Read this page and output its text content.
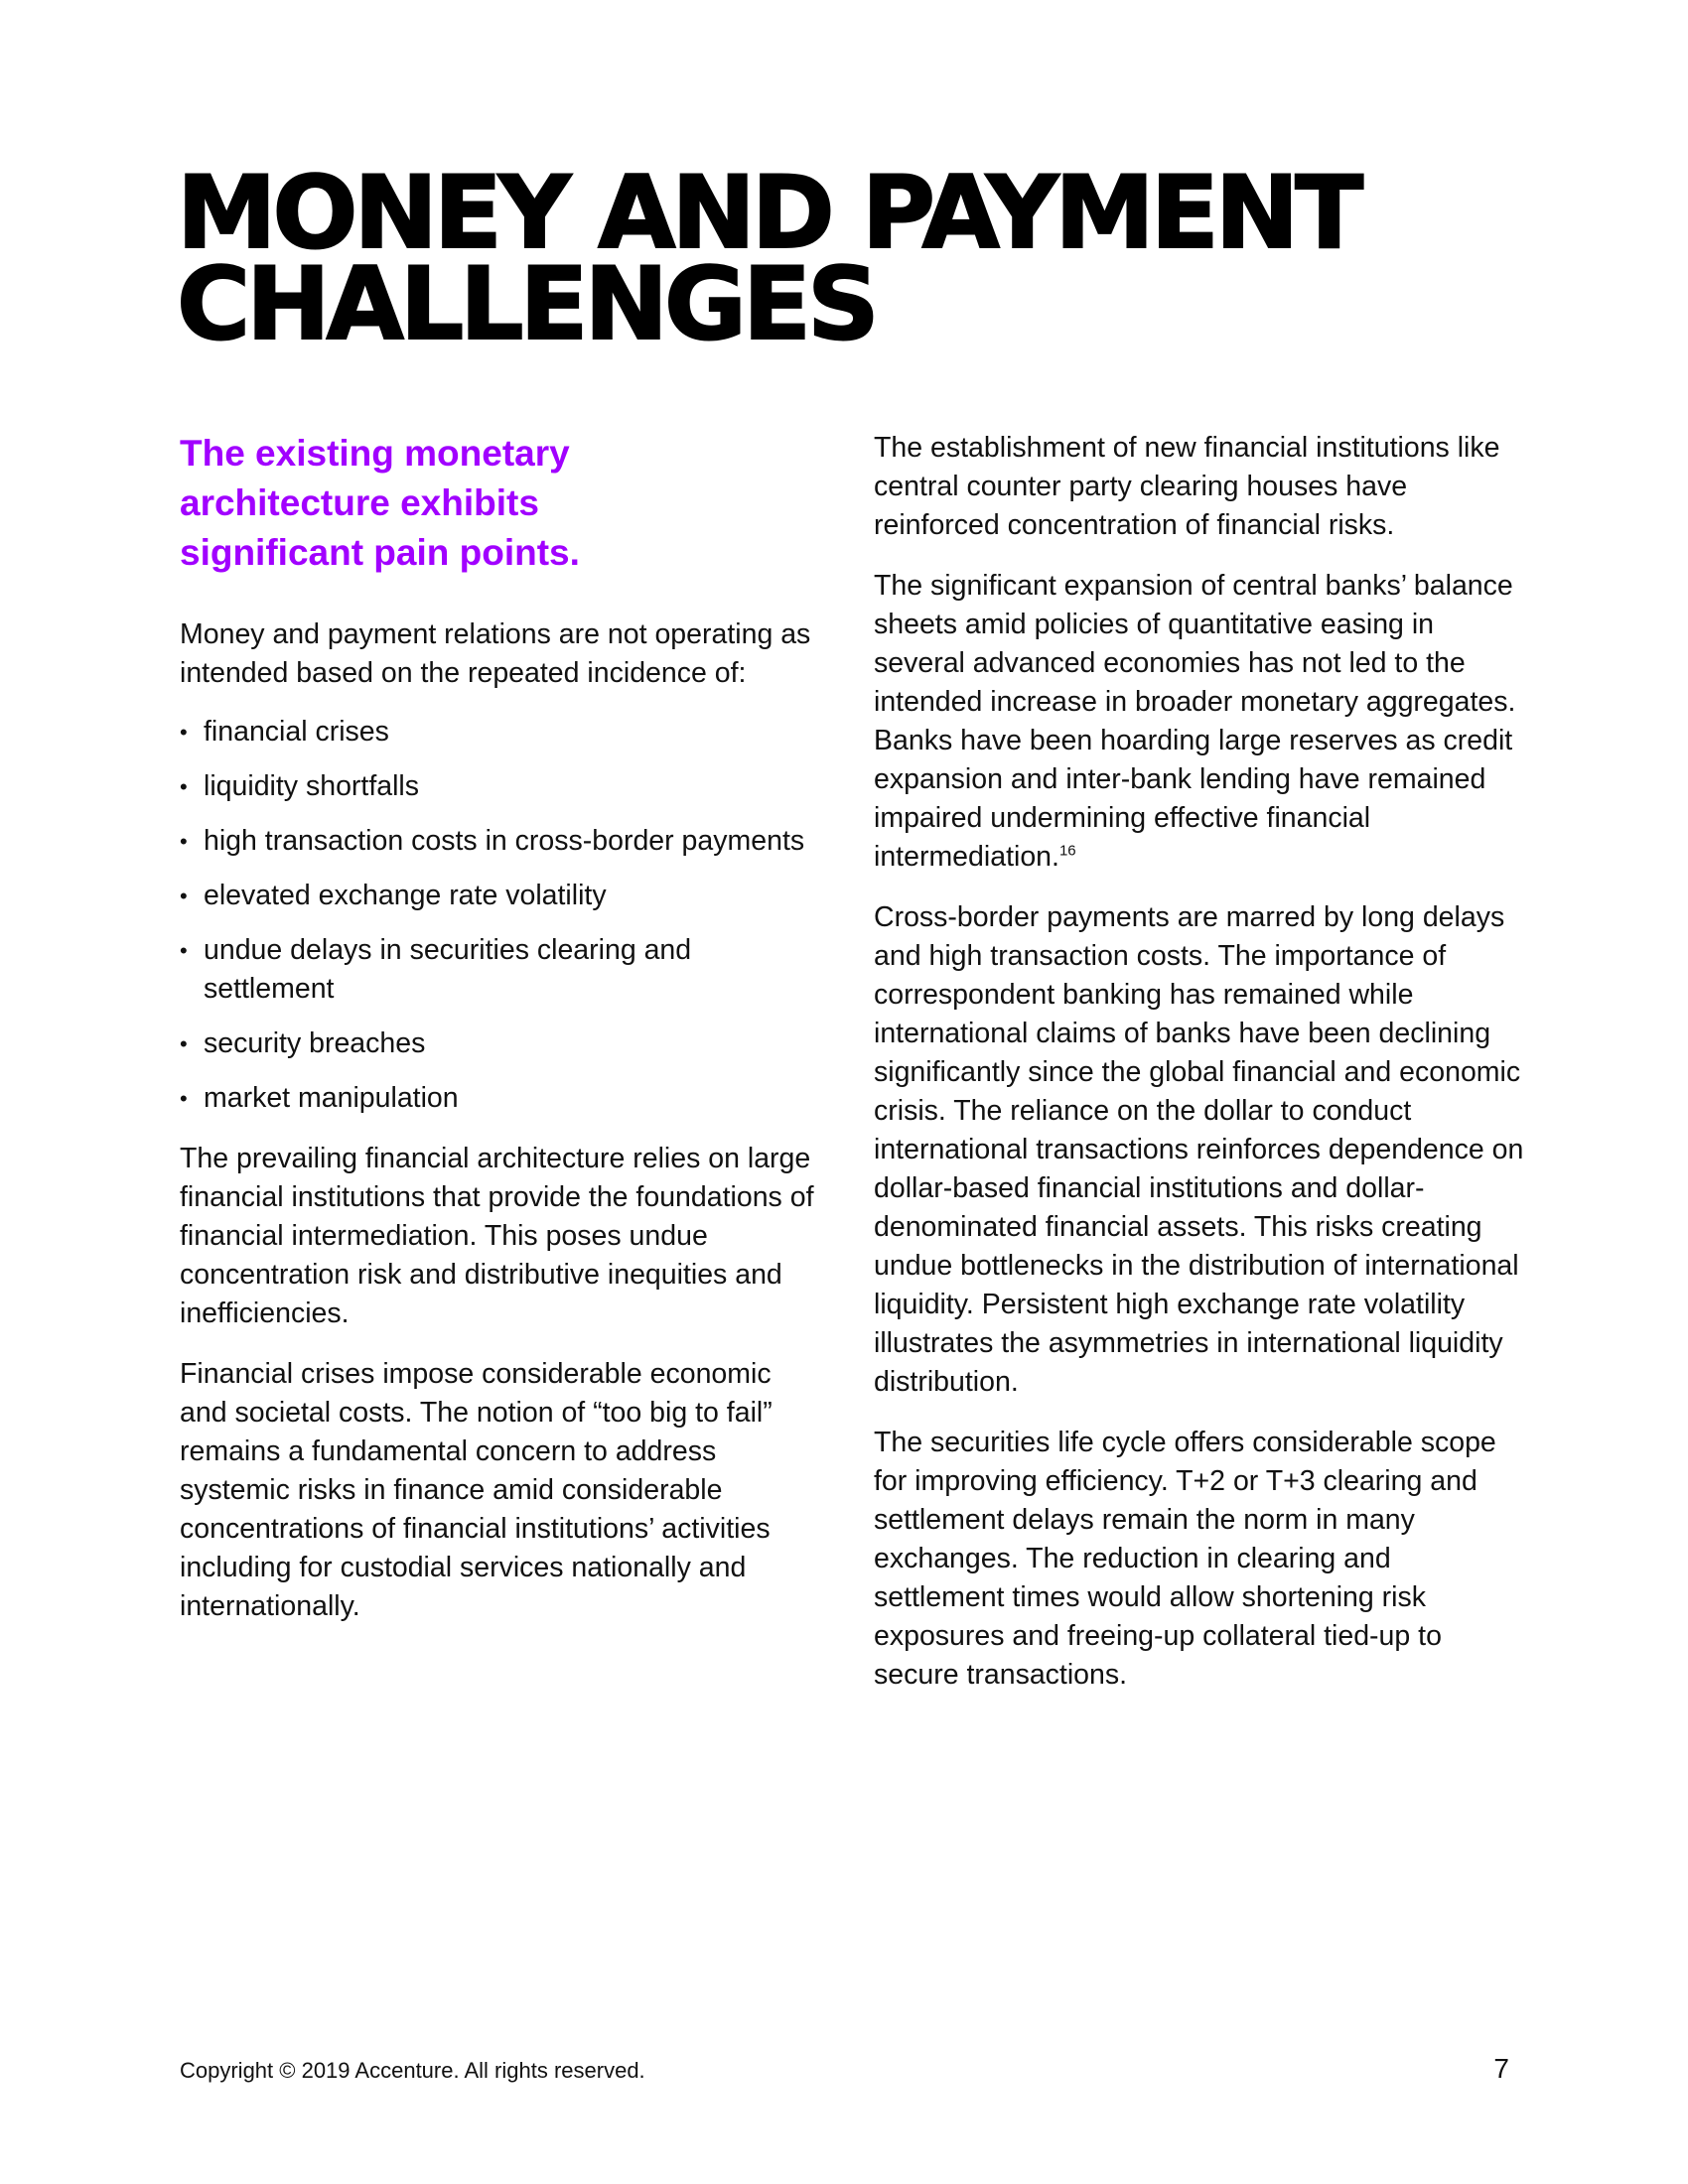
MONEY AND PAYMENT
CHALLENGES
The existing monetary
architecture exhibits
significant pain points.

Money and payment relations are not operating as intended based on the repeated incidence of:

• financial crises
• liquidity shortfalls
• high transaction costs in cross-border payments
• elevated exchange rate volatility
• undue delays in securities clearing and settlement
• security breaches
• market manipulation

The prevailing financial architecture relies on large financial institutions that provide the foundations of financial intermediation. This poses undue concentration risk and distributive inequities and inefficiencies.

Financial crises impose considerable economic and societal costs. The notion of “too big to fail” remains a fundamental concern to address systemic risks in finance amid considerable concentrations of financial institutions’ activities including for custodial services nationally and internationally.

The establishment of new financial institutions like central counter party clearing houses have reinforced concentration of financial risks.

The significant expansion of central banks’ balance sheets amid policies of quantitative easing in several advanced economies has not led to the intended increase in broader monetary aggregates. Banks have been hoarding large reserves as credit expansion and inter-bank lending have remained impaired undermining effective financial intermediation.$^{16}$

Cross-border payments are marred by long delays and high transaction costs. The importance of correspondent banking has remained while international claims of banks have been declining significantly since the global financial and economic crisis. The reliance on the dollar to conduct international transactions reinforces dependence on dollar-based financial institutions and dollar-denominated financial assets. This risks creating undue bottlenecks in the distribution of international liquidity. Persistent high exchange rate volatility illustrates the asymmetries in international liquidity distribution.

The securities life cycle offers considerable scope for improving efficiency. T+2 or T+3 clearing and settlement delays remain the norm in many exchanges. The reduction in clearing and settlement times would allow shortening risk exposures and freeing-up collateral tied-up to secure transactions.

Copyright © 2019 Accenture. All rights reserved.	7
